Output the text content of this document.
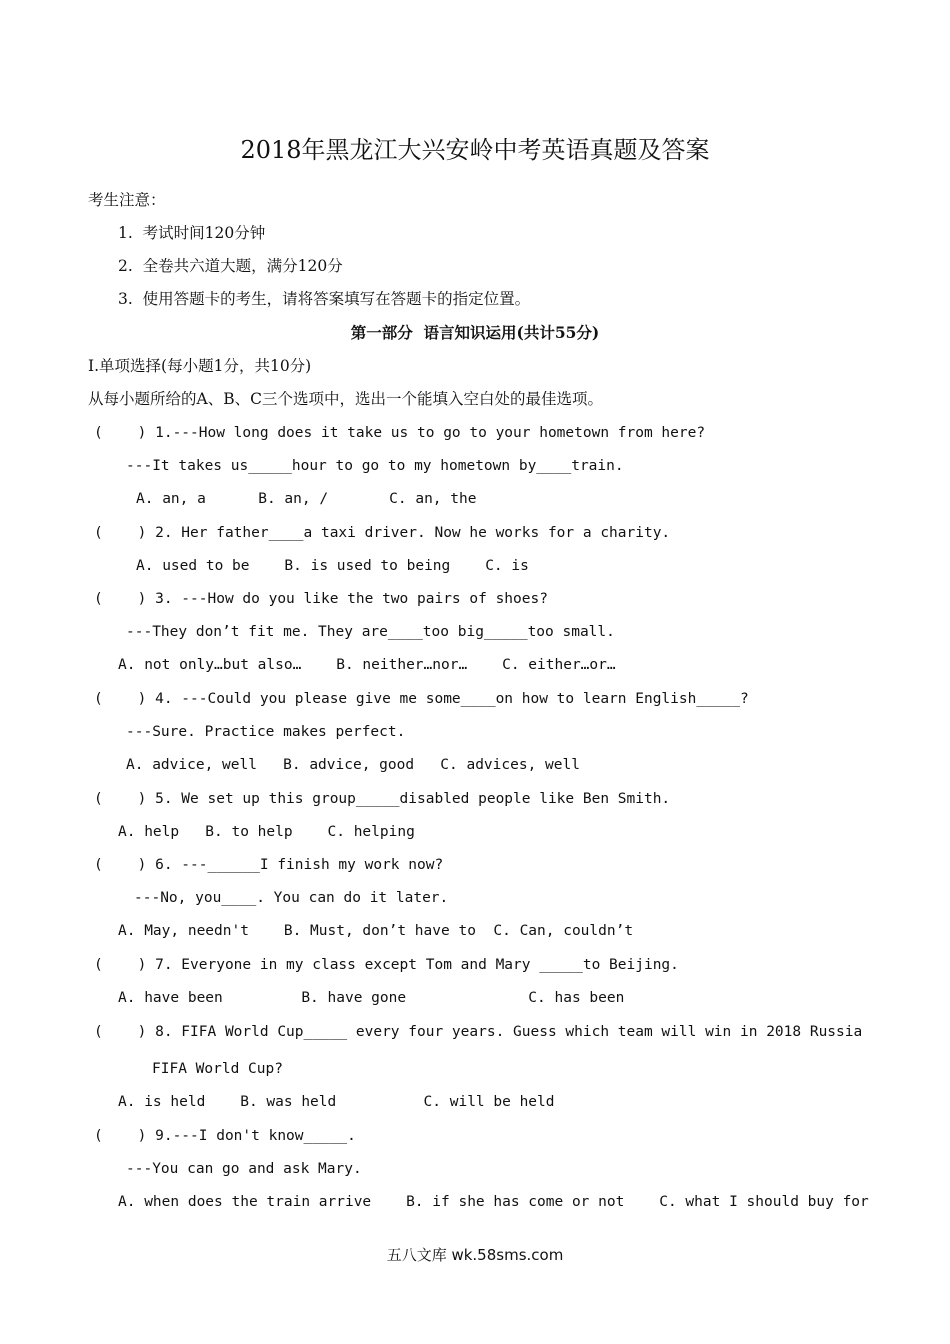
2018年黑龙江大兴安岭中考英语真题及答案
考生注意：
1.  考试时间120分钟
2.  全卷共六道大题，满分120分
3.  使用答题卡的考生，请将答案填写在答题卡的指定位置。
第一部分  语言知识运用(共计55分)
Ⅰ.单项选择(每小题1分，共10分)
从每小题所给的A、B、C三个选项中，选出一个能填入空白处的最佳选项。
(    ) 1.---How long does it take us to go to your hometown from here?
---It takes us_____hour to go to my hometown by____train.
A. an, a      B. an, /       C. an, the
(    ) 2. Her father____a taxi driver. Now he works for a charity.
A. used to be    B. is used to being    C. is
(    ) 3. ---How do you like the two pairs of shoes?
---They don’t fit me. They are____too big_____too small.
A. not only…but also…    B. neither…nor…    C. either…or…
(    ) 4. ---Could you please give me some____on how to learn English_____?
---Sure. Practice makes perfect.
A. advice, well   B. advice, good   C. advices, well
(    ) 5. We set up this group_____disabled people like Ben Smith.
A. help   B. to help    C. helping
(    ) 6. ---______I finish my work now?
---No, you____. You can do it later.
A. May, needn't    B. Must, don’t have to  C. Can, couldn’t
(    ) 7. Everyone in my class except Tom and Mary _____to Beijing.
A. have been         B. have gone              C. has been
(    ) 8. FIFA World Cup_____ every four years. Guess which team will win in 2018 Russia
FIFA World Cup?
A. is held    B. was held          C. will be held
(    ) 9.---I don't know_____.
---You can go and ask Mary.
A. when does the train arrive    B. if she has come or not    C. what I should buy for
五八文库 wk.58sms.com
